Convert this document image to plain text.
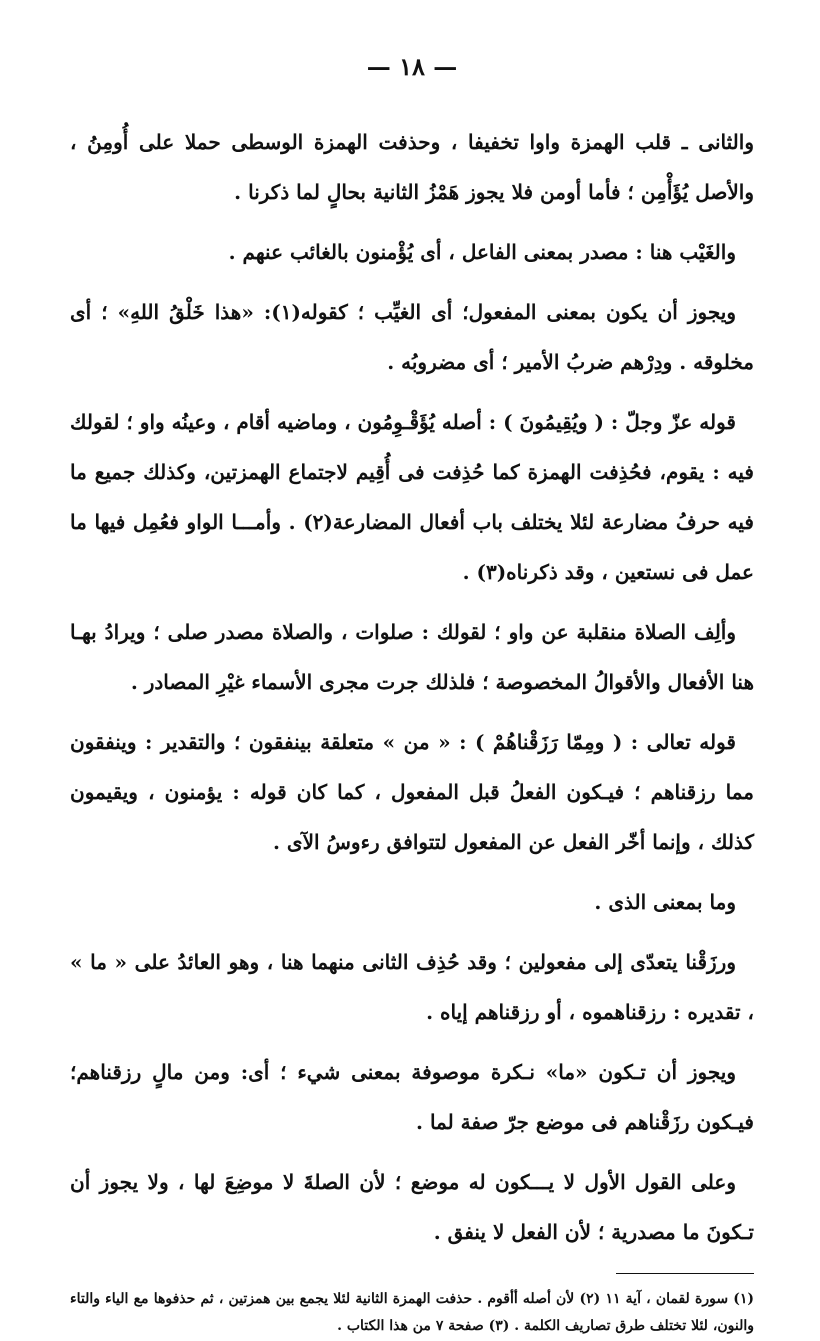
— ١٨ —

والثانى ـ قلب الهمزة واوا تخفيفا ، وحذفت الهمزة الوسطى حملا على أُومِنُ ، والأصل يُؤَأْمِن ؛ فأما أومن فلا يجوز هَمْزُ الثانية بحالٍ لما ذكرنا .

والغَيْب هنا : مصدر بمعنى الفاعل ، أى يُؤْمنون بالغائب عنهم .

ويجوز أن يكون بمعنى المفعول؛ أى الغيِّب ؛ كقوله(١): «هذا خَلْقُ اللهِ» ؛ أى مخلوقه . ودِرْهم ضربُ الأمير ؛ أى مضروبُه .

قوله عزّ وجلّ : ( ويُقِيمُونَ ) : أصله يُؤَقْـوِمُون ، وماضيه أقام ، وعينُه واو ؛ لقولك فيه : يقوم، فحُذِفت الهمزة كما حُذِفت فى أُقِيم لاجتماع الهمزتين، وكذلك جميع ما فيه حرفُ مضارعة لئلا يختلف باب أفعال المضارعة(٢) . وأمـــا الواو فعُمِل فيها ما عمل فى نستعين ، وقد ذكرناه(٣) .

وألِف الصلاة منقلبة عن واو ؛ لقولك : صلوات ، والصلاة مصدر صلى ؛ ويرادُ بهـا هنا الأفعال والأقوالُ المخصوصة ؛ فلذلك جرت مجرى الأسماء غيْرِ المصادر .

قوله تعالى : ( ومِمّا رَزَقْناهُمْ ) : « من » متعلقة بينفقون ؛ والتقدير : وينفقون مما رزقناهم ؛ فيـكون الفعلُ قبل المفعول ، كما كان قوله : يؤمنون ، ويقيمون كذلك ، وإنما أخّر الفعل عن المفعول لتتوافق رءوسُ الآى .

وما بمعنى الذى .

ورزَقْنا يتعدّى إلى مفعولين ؛ وقد حُذِف الثانى منهما هنا ، وهو العائدُ على « ما » ، تقديره : رزقناهموه ، أو رزقناهم إياه .

ويجوز أن تـكون «ما» نـكرة موصوفة بمعنى شيء ؛ أى: ومن مالٍ رزقناهم؛ فيـكون رزَقْناهم فى موضع جرّ صفة لما .

وعلى القول الأول لا يـــكون له موضع ؛ لأن الصلةَ لا موضِعَ لها ، ولا يجوز أن تـكونَ ما مصدرية ؛ لأن الفعل لا ينفق .

(١) سورة لقمان ، آية ١١ (٢) لأن أصله أأقوم . حذفت الهمزة الثانية لئلا يجمع بين همزتين ، ثم حذفوها مع الياء والتاء والنون، لئلا تختلف طرق تصاريف الكلمة . (٣) صفحة ٧ من هذا الكتاب .
